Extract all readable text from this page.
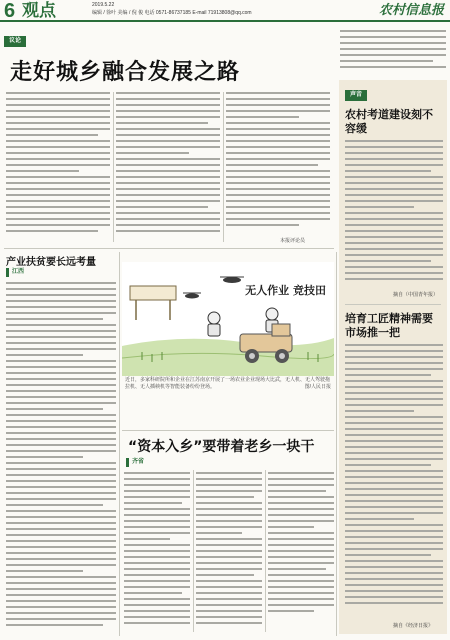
6 观点	2019.5.22
编辑 / 徐叶 美编 / 倪 俊 电话 0571-86737185 E-mail 71913808@qq.com	农村信息报
议论
走好城乡融合发展之路
本报评论员
产业扶贫要长远考量
江西
无人作业 竞技田
近日，多家科研院所和企业在江苏南京开展了一场农业企业现场大比武，无人机、无人驾驶拖拉机、无人插秧机等智能装备纷纷登场。	图/人民日报
“资本入乡”要带着老乡一块干
齐省
声音
农村考道建设刻不容缓
摘自（中国青年报）
培育工匠精神需要市场推一把
摘自《经济日报》
